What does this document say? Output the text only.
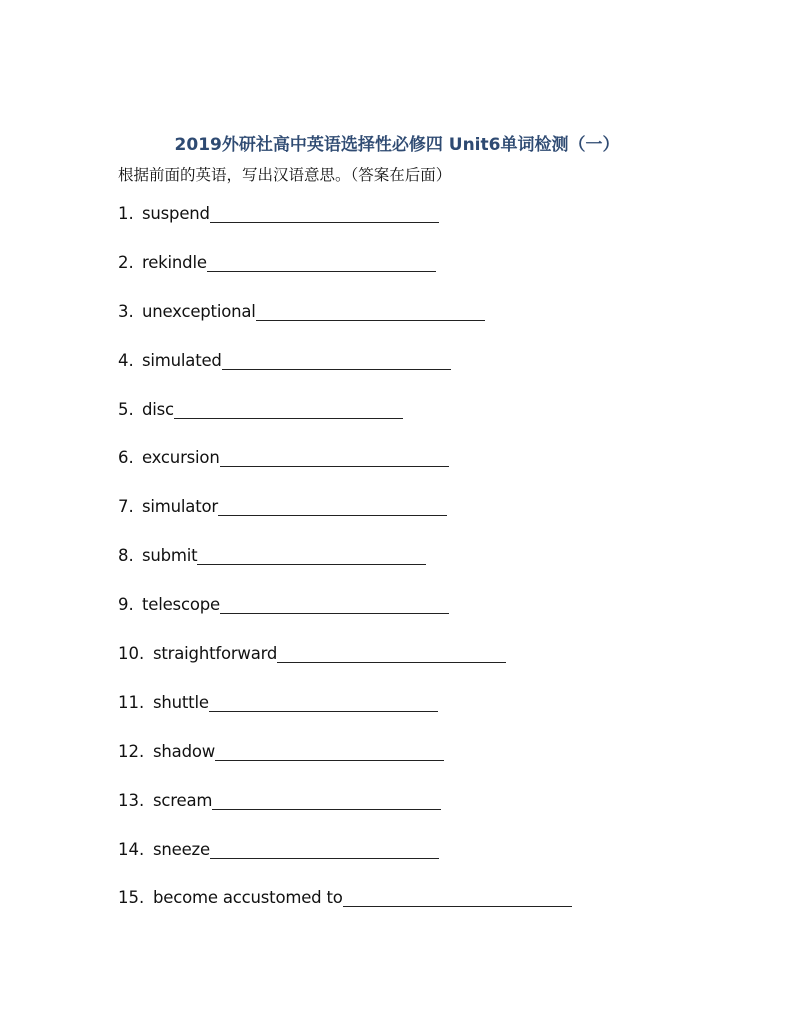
2019外研社高中英语选择性必修四 Unit6单词检测（一）
根据前面的英语，写出汉语意思。（答案在后面）
1. suspend
2. rekindle
3. unexceptional
4. simulated
5. disc
6. excursion
7. simulator
8. submit
9. telescope
10. straightforward
11. shuttle
12. shadow
13. scream
14. sneeze
15. become accustomed to
